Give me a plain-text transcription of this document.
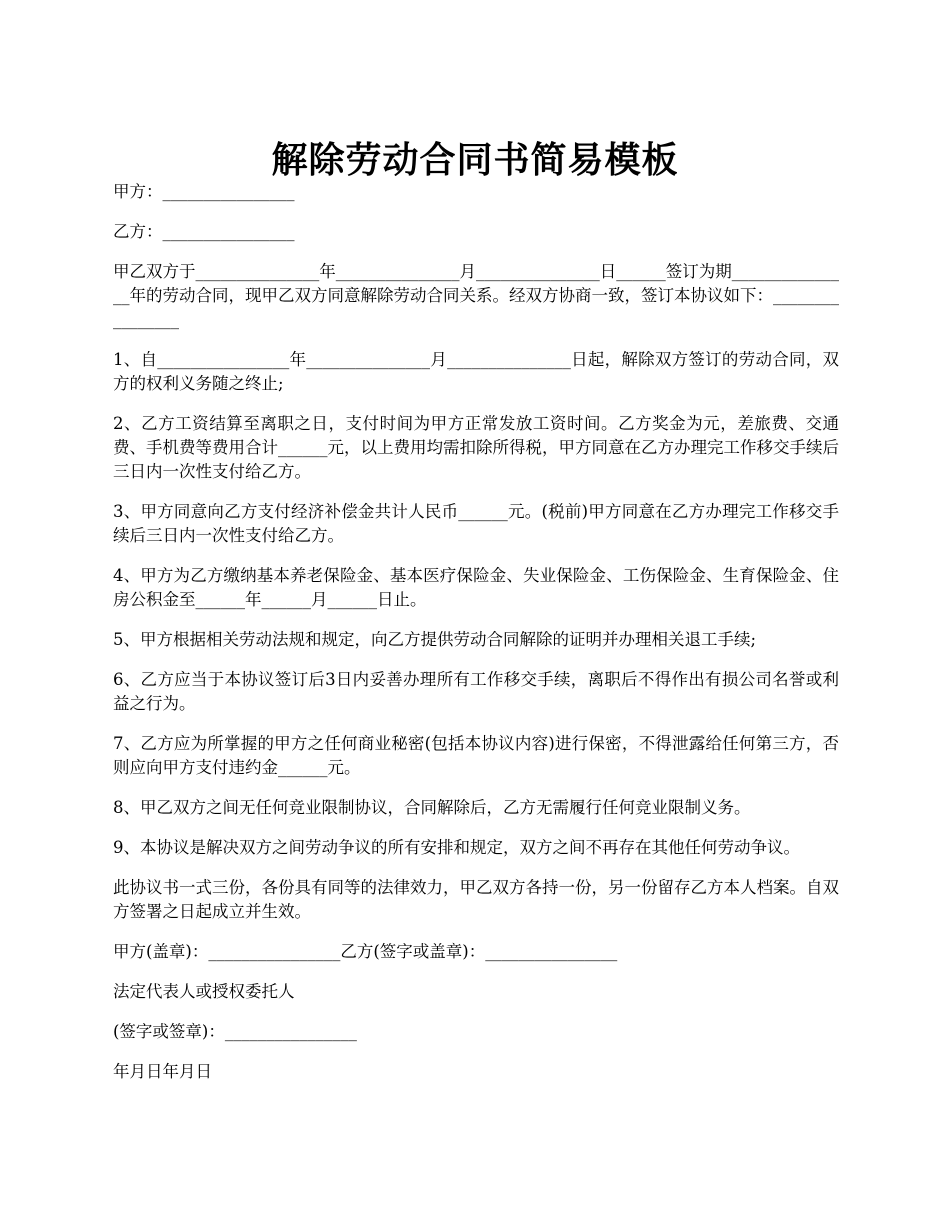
解除劳动合同书简易模板

甲方：________________

乙方：________________

甲乙双方于_______________年_______________月_______________日______签订为期_______________年的劳动合同，现甲乙双方同意解除劳动合同关系。经双方协商一致，签订本协议如下：________________

1、自________________年_______________月_______________日起，解除双方签订的劳动合同，双方的权利义务随之终止;

2、乙方工资结算至离职之日，支付时间为甲方正常发放工资时间。乙方奖金为元，差旅费、交通费、手机费等费用合计______元，以上费用均需扣除所得税，甲方同意在乙方办理完工作移交手续后三日内一次性支付给乙方。

3、甲方同意向乙方支付经济补偿金共计人民币______元。(税前)甲方同意在乙方办理完工作移交手续后三日内一次性支付给乙方。

4、甲方为乙方缴纳基本养老保险金、基本医疗保险金、失业保险金、工伤保险金、生育保险金、住房公积金至______年______月______日止。

5、甲方根据相关劳动法规和规定，向乙方提供劳动合同解除的证明并办理相关退工手续;

6、乙方应当于本协议签订后3日内妥善办理所有工作移交手续，离职后不得作出有损公司名誉或利益之行为。

7、乙方应为所掌握的甲方之任何商业秘密(包括本协议内容)进行保密，不得泄露给任何第三方，否则应向甲方支付违约金______元。

8、甲乙双方之间无任何竞业限制协议，合同解除后，乙方无需履行任何竞业限制义务。

9、本协议是解决双方之间劳动争议的所有安排和规定，双方之间不再存在其他任何劳动争议。

此协议书一式三份，各份具有同等的法律效力，甲乙双方各持一份，另一份留存乙方本人档案。自双方签署之日起成立并生效。

甲方(盖章)：________________乙方(签字或盖章)：________________

法定代表人或授权委托人

(签字或签章)：________________

年月日年月日
